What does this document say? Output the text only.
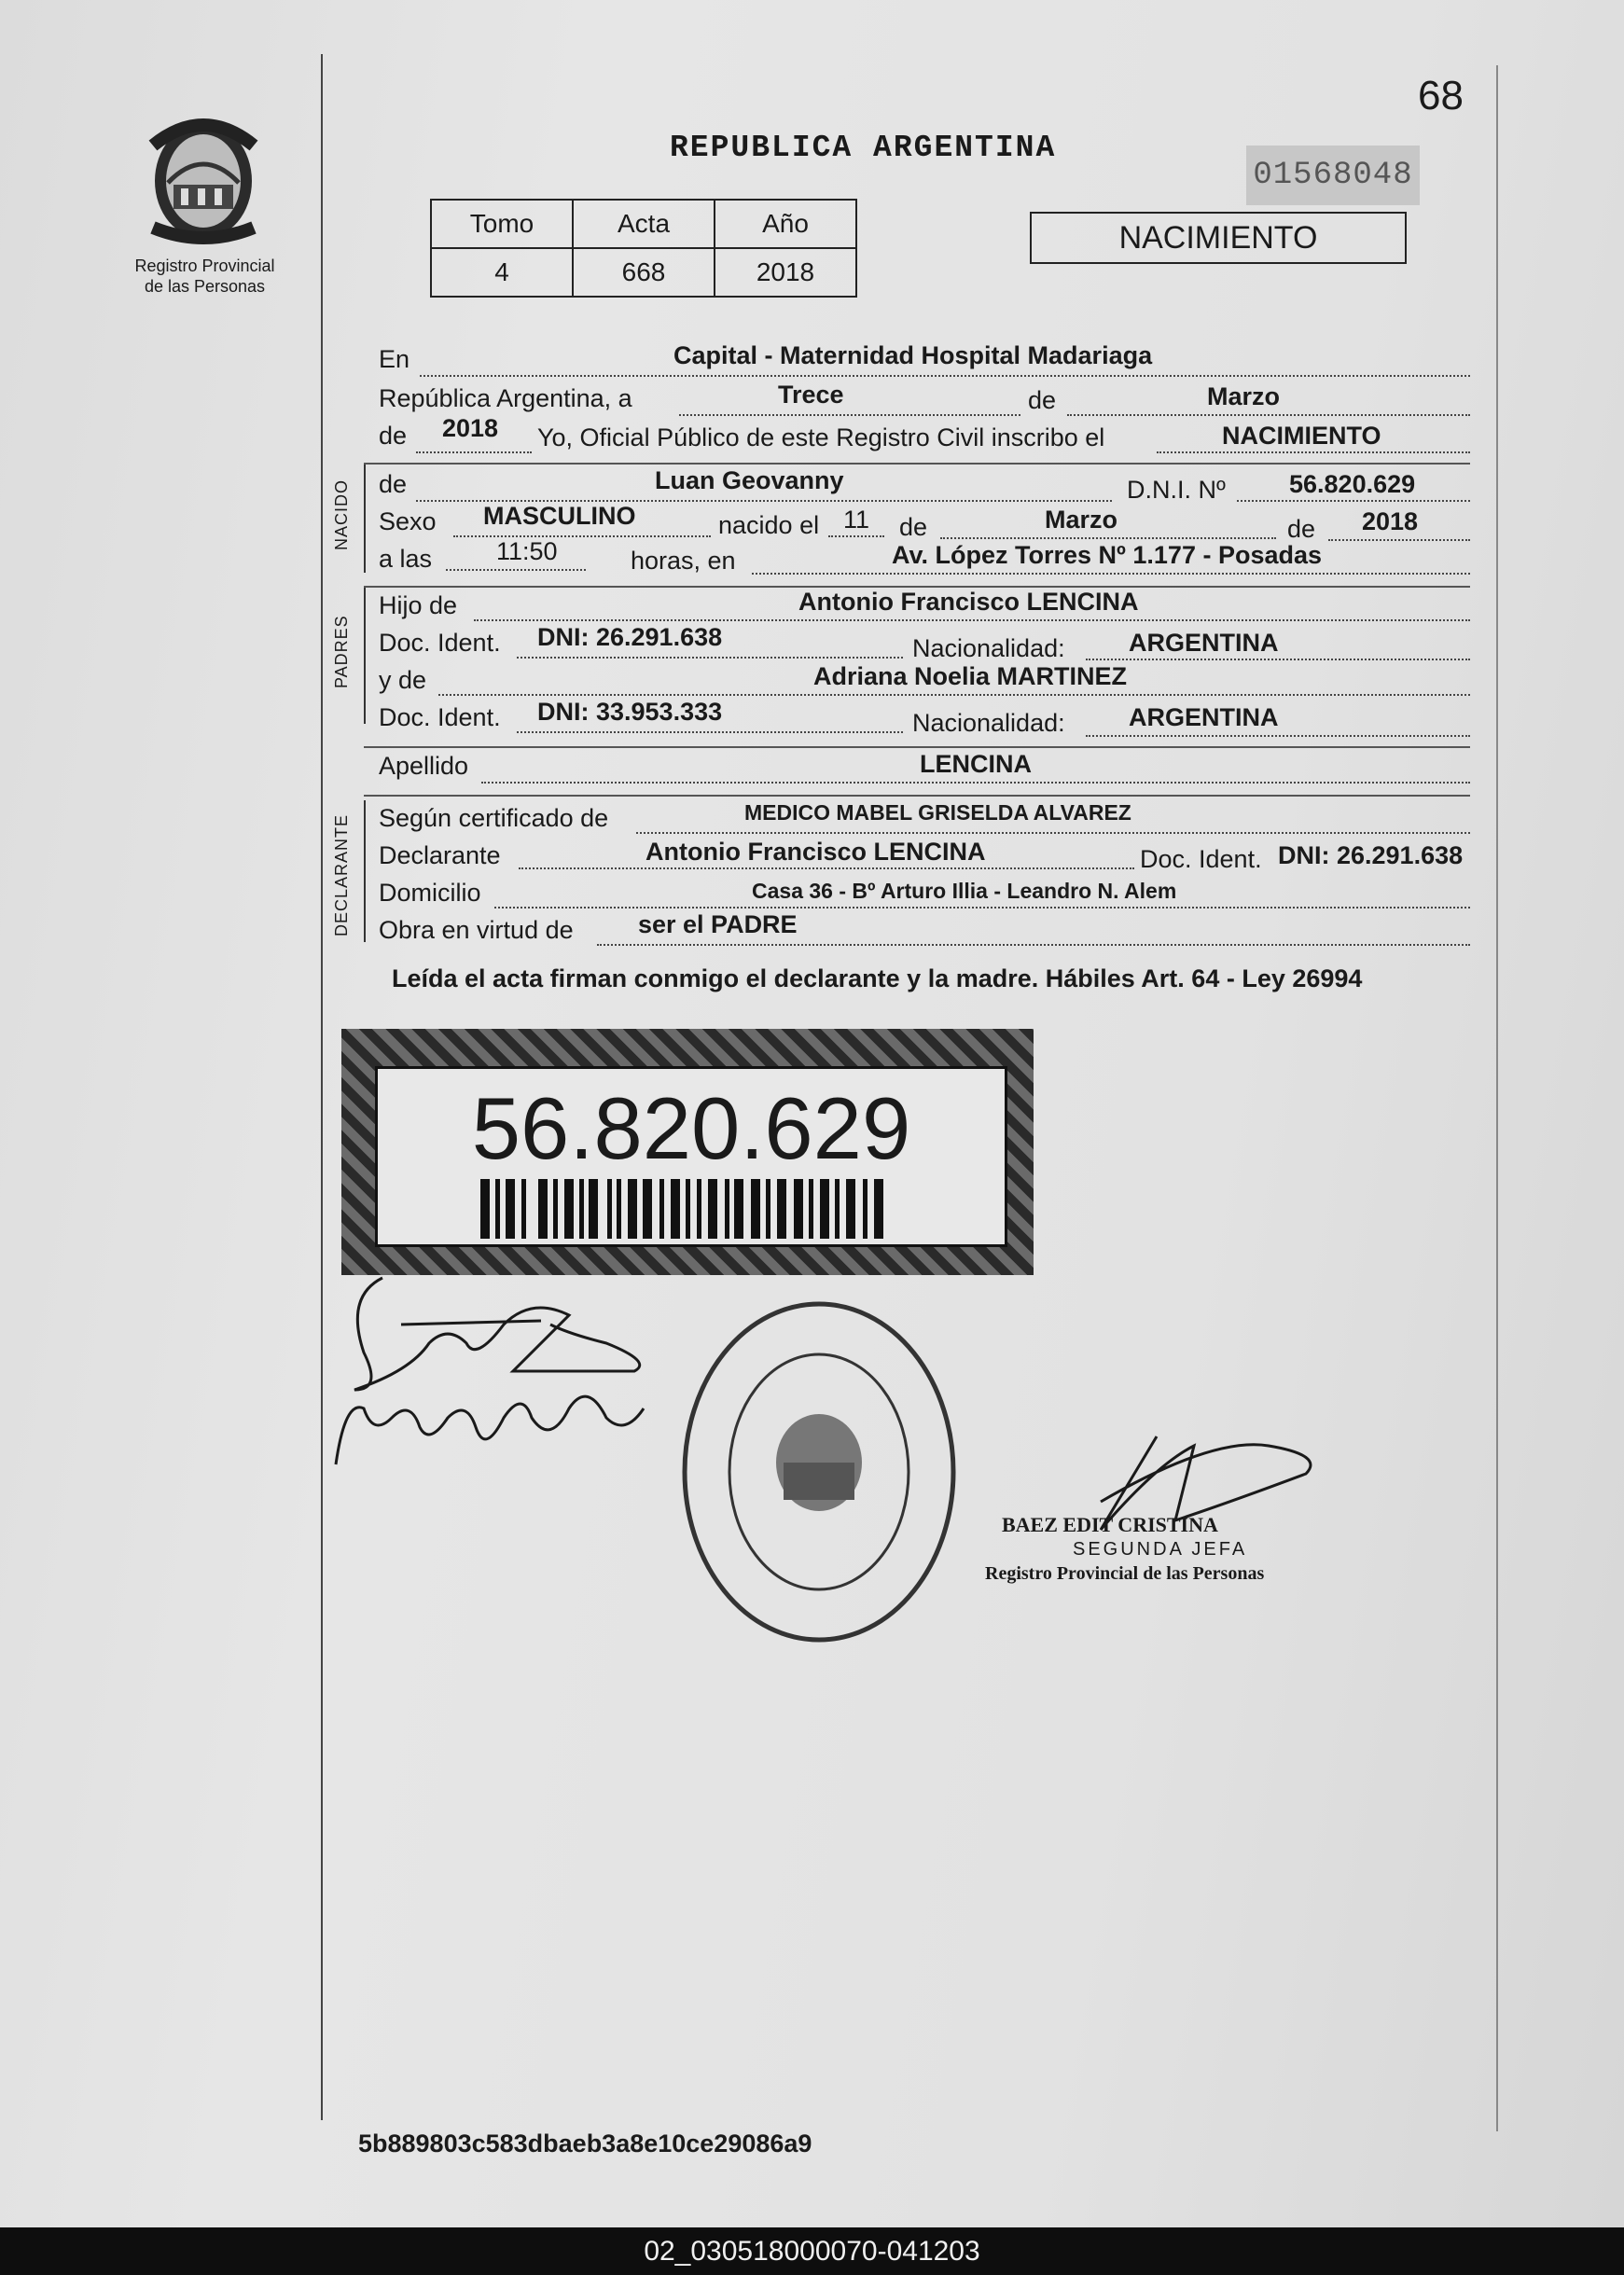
68
REPUBLICA ARGENTINA
01568048
Registro Provincial
de las Personas
Tomo	Acta	Año
4	668	2018
NACIMIENTO
En	Capital - Maternidad Hospital Madariaga
República Argentina, a	Trece	de	Marzo
de 2018 Yo, Oficial Público de este Registro Civil inscribo el	NACIMIENTO
NACIDO de	Luan Geovanny	D.N.I. Nº	56.820.629
Sexo MASCULINO	nacido el 11 de	Marzo	de 2018
a las	11:50	horas, en	Av. López Torres Nº 1.177 - Posadas
PADRES
Hijo de	Antonio Francisco LENCINA
Doc. Ident. DNI: 26.291.638	Nacionalidad:	ARGENTINA
y de	Adriana Noelia MARTINEZ
Doc. Ident. DNI: 33.953.333	Nacionalidad:	ARGENTINA
Apellido	LENCINA
DECLARANTE Según certificado de	MEDICO MABEL GRISELDA ALVAREZ
Declarante	Antonio Francisco LENCINA	Doc. Ident. DNI: 26.291.638
Domicilio	Casa 36 - Bº Arturo Illia - Leandro N. Alem
Obra en virtud de	ser el PADRE
Leída el acta firman conmigo el declarante y la madre. Hábiles Art. 64 - Ley 26994
56.820.629
BAEZ EDIT CRISTINA
SEGUNDA JEFA
Registro Provincial de las Personas
5b889803c583dbaeb3a8e10ce29086a9
02_030518000070-041203
